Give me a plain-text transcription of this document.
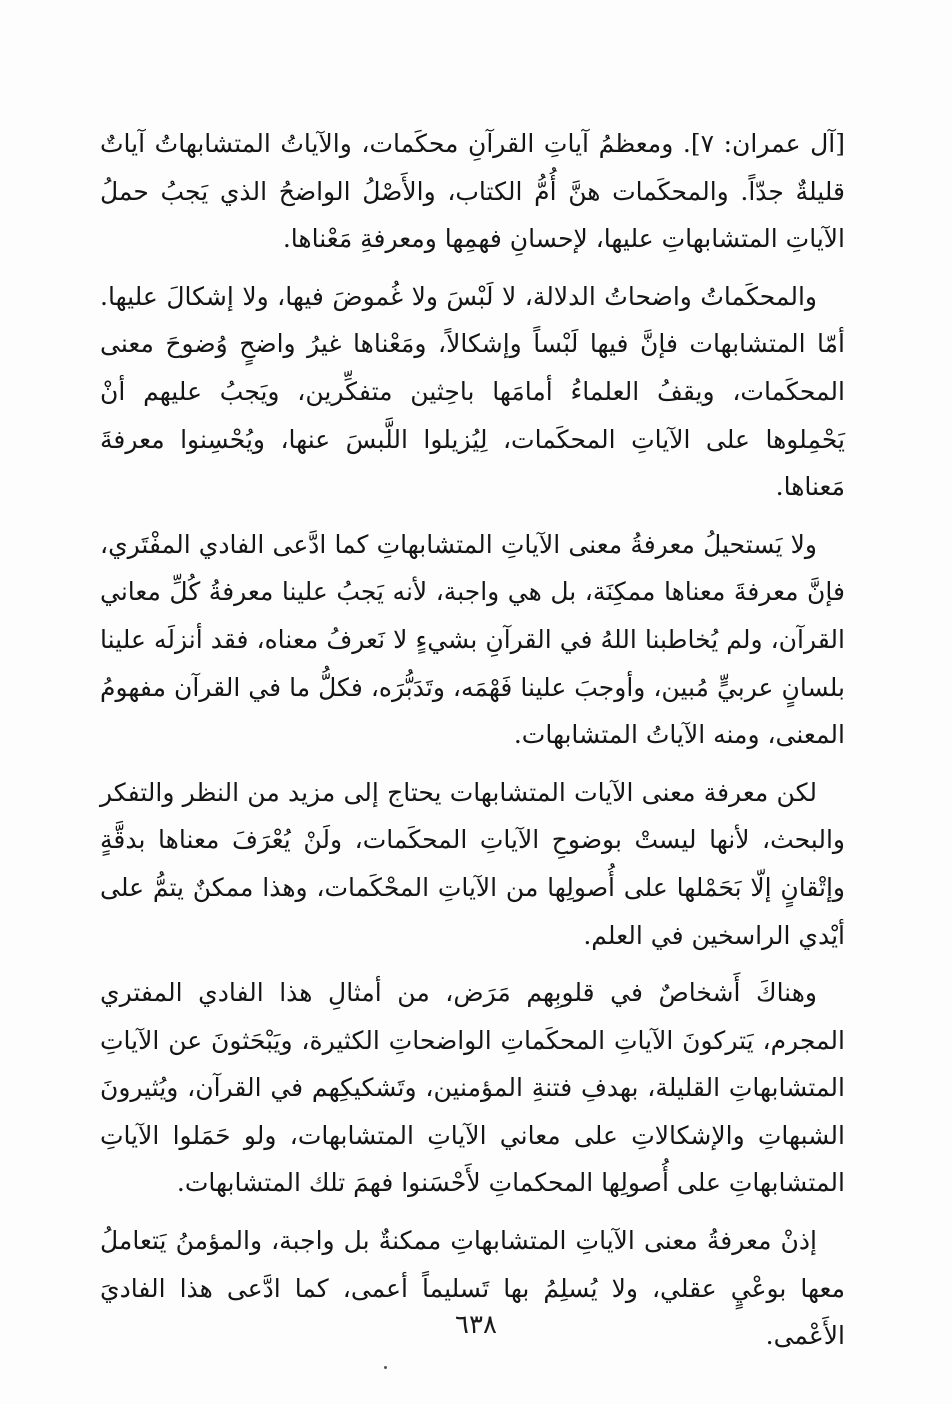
[آل عمران: ٧]. ومعظمُ آياتِ القرآنِ محكَمات، والآياتُ المتشابهاتُ آياتٌ قليلةٌ جدّاً. والمحكَمات هنَّ أُمُّ الكتاب، والأَصْلُ الواضحُ الذي يَجبُ حملُ الآياتِ المتشابهاتِ عليها، لإحسانِ فهمِها ومعرفةِ مَعْناها.

والمحكَماتُ واضحاتُ الدلالة، لا لَبْسَ ولا غُموضَ فيها، ولا إشكالَ عليها. أمّا المتشابهات فإنَّ فيها لَبْساً وإشكالاً، ومَعْناها غيرُ واضحٍ وُضوحَ معنى المحكَمات، ويقفُ العلماءُ أمامَها باحِثين متفكِّرين، ويَجبُ عليهم أنْ يَحْمِلوها على الآياتِ المحكَمات، لِيُزيلوا اللَّبسَ عنها، ويُحْسِنوا معرفةَ مَعناها.

ولا يَستحيلُ معرفةُ معنى الآياتِ المتشابهاتِ كما ادَّعى الفادي المفْتَري، فإنَّ معرفةَ معناها ممكِنَة، بل هي واجبة، لأنه يَجبُ علينا معرفةُ كُلِّ معاني القرآن، ولم يُخاطبنا اللهُ في القرآنِ بشيءٍ لا نَعرفُ معناه، فقد أنزلَه علينا بلسانٍ عربيٍّ مُبين، وأوجبَ علينا فَهْمَه، وتَدَبُّرَه، فكلُّ ما في القرآن مفهومُ المعنى، ومنه الآياتُ المتشابهات.

لكن معرفة معنى الآيات المتشابهات يحتاج إلى مزيد من النظر والتفكر والبحث، لأنها ليستْ بوضوحِ الآياتِ المحكَمات، ولَنْ يُعْرَفَ معناها بدقَّةٍ وإتْقانٍ إلّا بَحَمْلها على أُصولِها من الآياتِ المحْكَمات، وهذا ممكنٌ يتمُّ على أيْدي الراسخين في العلم.

وهناكَ أَشخاصٌ في قلوبِهم مَرَض، من أمثالِ هذا الفادي المفتري المجرم، يَتركونَ الآياتِ المحكَماتِ الواضحاتِ الكثيرة، ويَبْحَثونَ عن الآياتِ المتشابهاتِ القليلة، بهدفِ فتنةِ المؤمنين، وتَشكيكِهم في القرآن، ويُثيرونَ الشبهاتِ والإشكالاتِ على معاني الآياتِ المتشابهات، ولو حَمَلوا الآياتِ المتشابهاتِ على أُصولِها المحكماتِ لأَحْسَنوا فهمَ تلك المتشابهات.

إذنْ معرفةُ معنى الآياتِ المتشابهاتِ ممكنةٌ بل واجبة، والمؤمنُ يَتعاملُ معها بوعْيٍ عقلي، ولا يُسلِمُ بها تَسليماً أعمى، كما ادَّعى هذا الفاديَ الأَعْمى.

٦٣٨
